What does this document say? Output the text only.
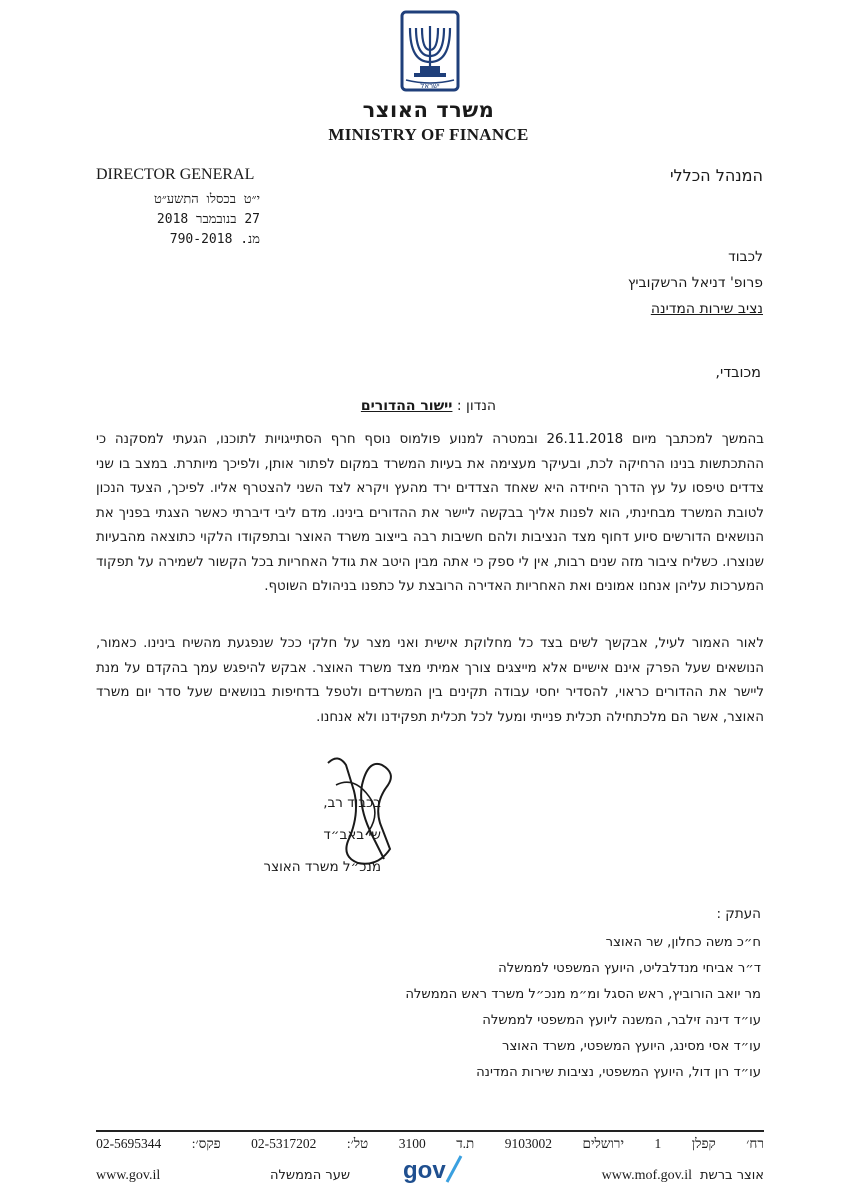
ישראל
משרד האוצר
MINISTRY OF FINANCE
DIRECTOR GENERAL	המנהל הכללי
י״ט בכסלו התשע״ט
27 בנובמבר 2018
מנ. 790-2018
לכבוד
פרופ' דניאל הרשקוביץ
נציב שירות המדינה
מכובדי,
הנדון : יישור ההדורים
בהמשך למכתבך מיום 26.11.2018 ובמטרה למנוע פולמוס נוסף חרף הסתייגויות לתוכנו, הגעתי למסקנה כי ההתכתשות בנינו הרחיקה לכת, ובעיקר מעצימה את בעיות המשרד במקום לפתור אותן, ולפיכך מיותרת. במצב בו שני צדדים טיפסו על עץ הדרך היחידה היא שאחד הצדדים ירד מהעץ ויקרא לצד השני להצטרף אליו. לפיכך, הצעד הנכון לטובת המשרד מבחינתי, הוא לפנות אליך בבקשה ליישר את ההדורים בינינו. מדם ליבי דיברתי כאשר הצגתי בפניך את הנושאים הדורשים סיוע דחוף מצד הנציבות ולהם חשיבות רבה בייצוב משרד האוצר ובתפקודו הלקוי כתוצאה מהבעיות שנוצרו. כשליח ציבור מזה שנים רבות, אין לי ספק כי אתה מבין היטב את גודל האחריות בכל הקשור לשמירה על תפקוד המערכות עליהן אנחנו אמונים ואת האחריות האדירה הרובצת על כתפנו בניהולם השוטף.
לאור האמור לעיל, אבקשך לשים בצד כל מחלוקת אישית ואני מצר על חלקי ככל שנפגעת מהשיח בינינו. כאמור, הנושאים שעל הפרק אינם אישיים אלא מייצגים צורך אמיתי מצד משרד האוצר. אבקש להיפגש עמך בהקדם על מנת ליישר את ההדורים כראוי, להסדיר יחסי עבודה תקינים בין המשרדים ולטפל בדחיפות בנושאים שעל סדר יום משרד האוצר, אשר הם מלכתחילה תכלית פנייתי ומעל לכל תכלית תפקידנו ולא אנחנו.
בכבוד רב,
שי באב״ד
מנכ״ל משרד האוצר
העתק :
ח״כ משה כחלון, שר האוצר
ד״ר אביחי מנדלבליט, היועץ המשפטי לממשלה
מר יואב הורוביץ, ראש הסגל ומ״מ מנכ״ל משרד ראש הממשלה
עו״ד דינה זילבר, המשנה ליועץ המשפטי לממשלה
עו״ד אסי מסינג, היועץ המשפטי, משרד האוצר
עו״ד רון דול, היועץ המשפטי, נציבות שירות המדינה
רח׳
קפלן
1
ירושלים
9103002
ת.ד
3100
טל׳:
02-5317202
פקס׳:
02-5695344
www.gov.il	שער הממשלה	www.mof.gov.il אוצר ברשת
gov
